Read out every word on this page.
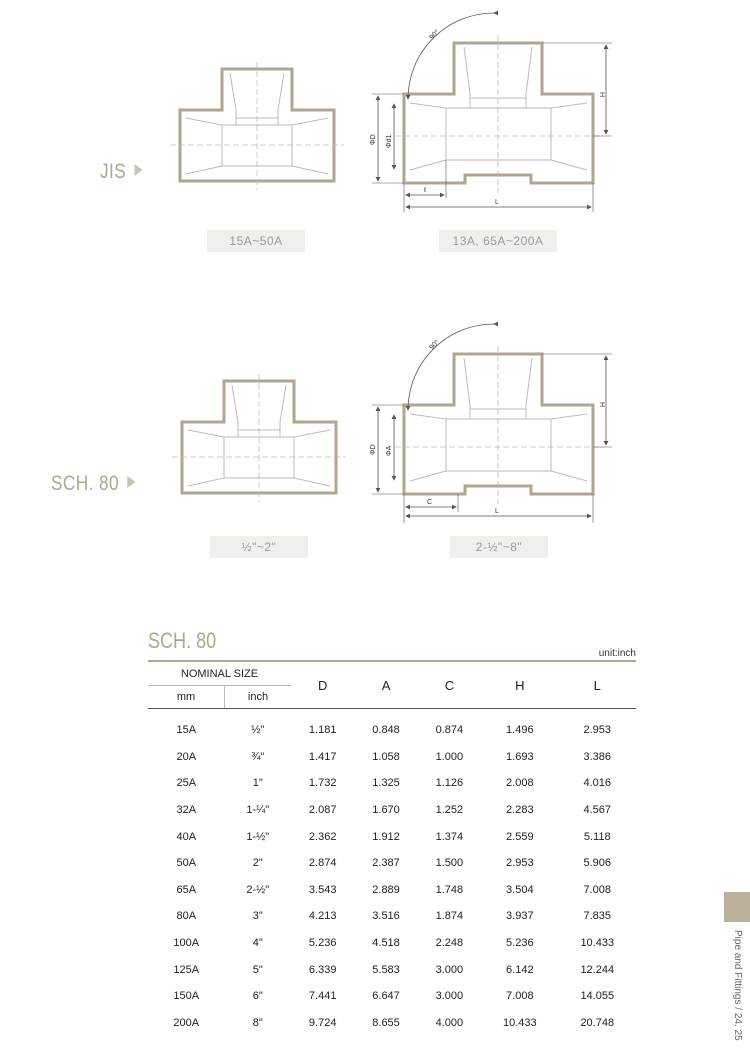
JIS
SCH. 80
90°
H
ΦD Φd1
ℓ
L
90°
H
ΦD ΦA
C
L
15A~50A	13A, 65A~200A
½"~2"	2-½"~8"
SCH. 80
unit:inch
NOMINAL SIZE		D	A	C	H	L
mm	inch					
15A	½"	1.181	0.848	0.874	1.496	2.953
20A	¾"	1.417	1.058	1.000	1.693	3.386
25A	1"	1.732	1.325	1.126	2.008	4.016
32A	1-¼"	2.087	1.670	1.252	2.283	4.567
40A	1-½"	2.362	1.912	1.374	2.559	5.118
50A	2"	2.874	2.387	1.500	2.953	5.906
65A	2-½"	3.543	2.889	1.748	3.504	7.008
80A	3"	4.213	3.516	1.874	3.937	7.835
100A	4"	5.236	4.518	2.248	5.236	10.433
125A	5"	6.339	5.583	3.000	6.142	12.244
150A	6"	7.441	6.647	3.000	7.008	14.055
200A	8"	9.724	8.655	4.000	10.433	20.748	Pipe and Fittings / 24. 25
